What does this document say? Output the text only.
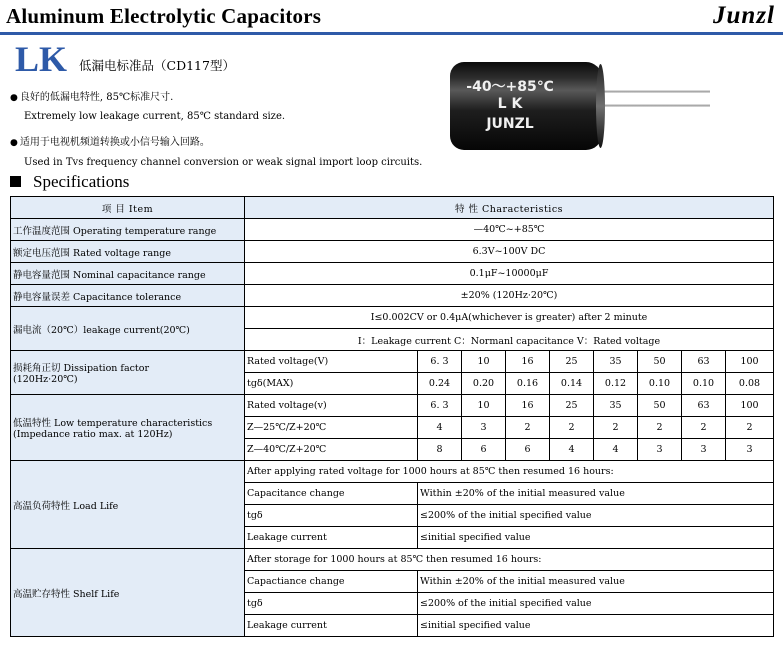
Aluminum Electrolytic Capacitors	Junzl
LK 低漏电标准品（CD117型）
● 良好的低漏电特性, 85℃标准尺寸.
Extremely low leakage current, 85℃ standard size.
● 适用于电视机频道转换或小信号输入回路。
Used in Tvs frequency channel conversion or weak signal import loop circuits.
-40～+85℃
L K
JUNZL
Specifications
项 目 Item	特 性 Characteristics								
工作温度范围 Operating temperature range	—40℃~+85℃								
额定电压范围 Rated voltage range	6.3V~100V DC								
静电容量范围 Nominal capacitance range	0.1μF~10000μF								
静电容量误差 Capacitance tolerance	±20% (120Hz·20℃)								
漏电流（20℃）leakage current(20℃)	I≤0.002CV or 0.4μA(whichever is greater) after 2 minute								
	I：Leakage current C：Normanl capacitance V：Rated voltage								

损耗角正切 Dissipation factor
(120Hz·20℃)	Rated voltage(V)	6. 3	10	16	25	35	50	63	100
	tgδ(MAX)	0.24	0.20	0.16	0.14	0.12	0.10	0.10	0.08

低温特性 Low temperature characteristics
(Impedance ratio max. at 120Hz)	Rated voltage(v)	6. 3	10	16	25	35	50	63	100
	Z—25℃/Z+20℃	4	3	2	2	2	2	2	2
	Z—40℃/Z+20℃	8	6	6	4	4	3	3	3
高温负荷特性 Load Life	After applying rated voltage for 1000 hours at 85℃ then resumed 16 hours:								
	Capacitance change	Within ±20% of the initial measured value							
	tgδ	≤200% of the initial specified value							
	Leakage current	≤initial specified value							
高温贮存特性 Shelf Life	After storage for 1000 hours at 85℃ then resumed 16 hours:								
	Capactiance change	Within ±20% of the initial measured value							
	tgδ	≤200% of the initial specified value							
	Leakage current	≤initial specified value							
